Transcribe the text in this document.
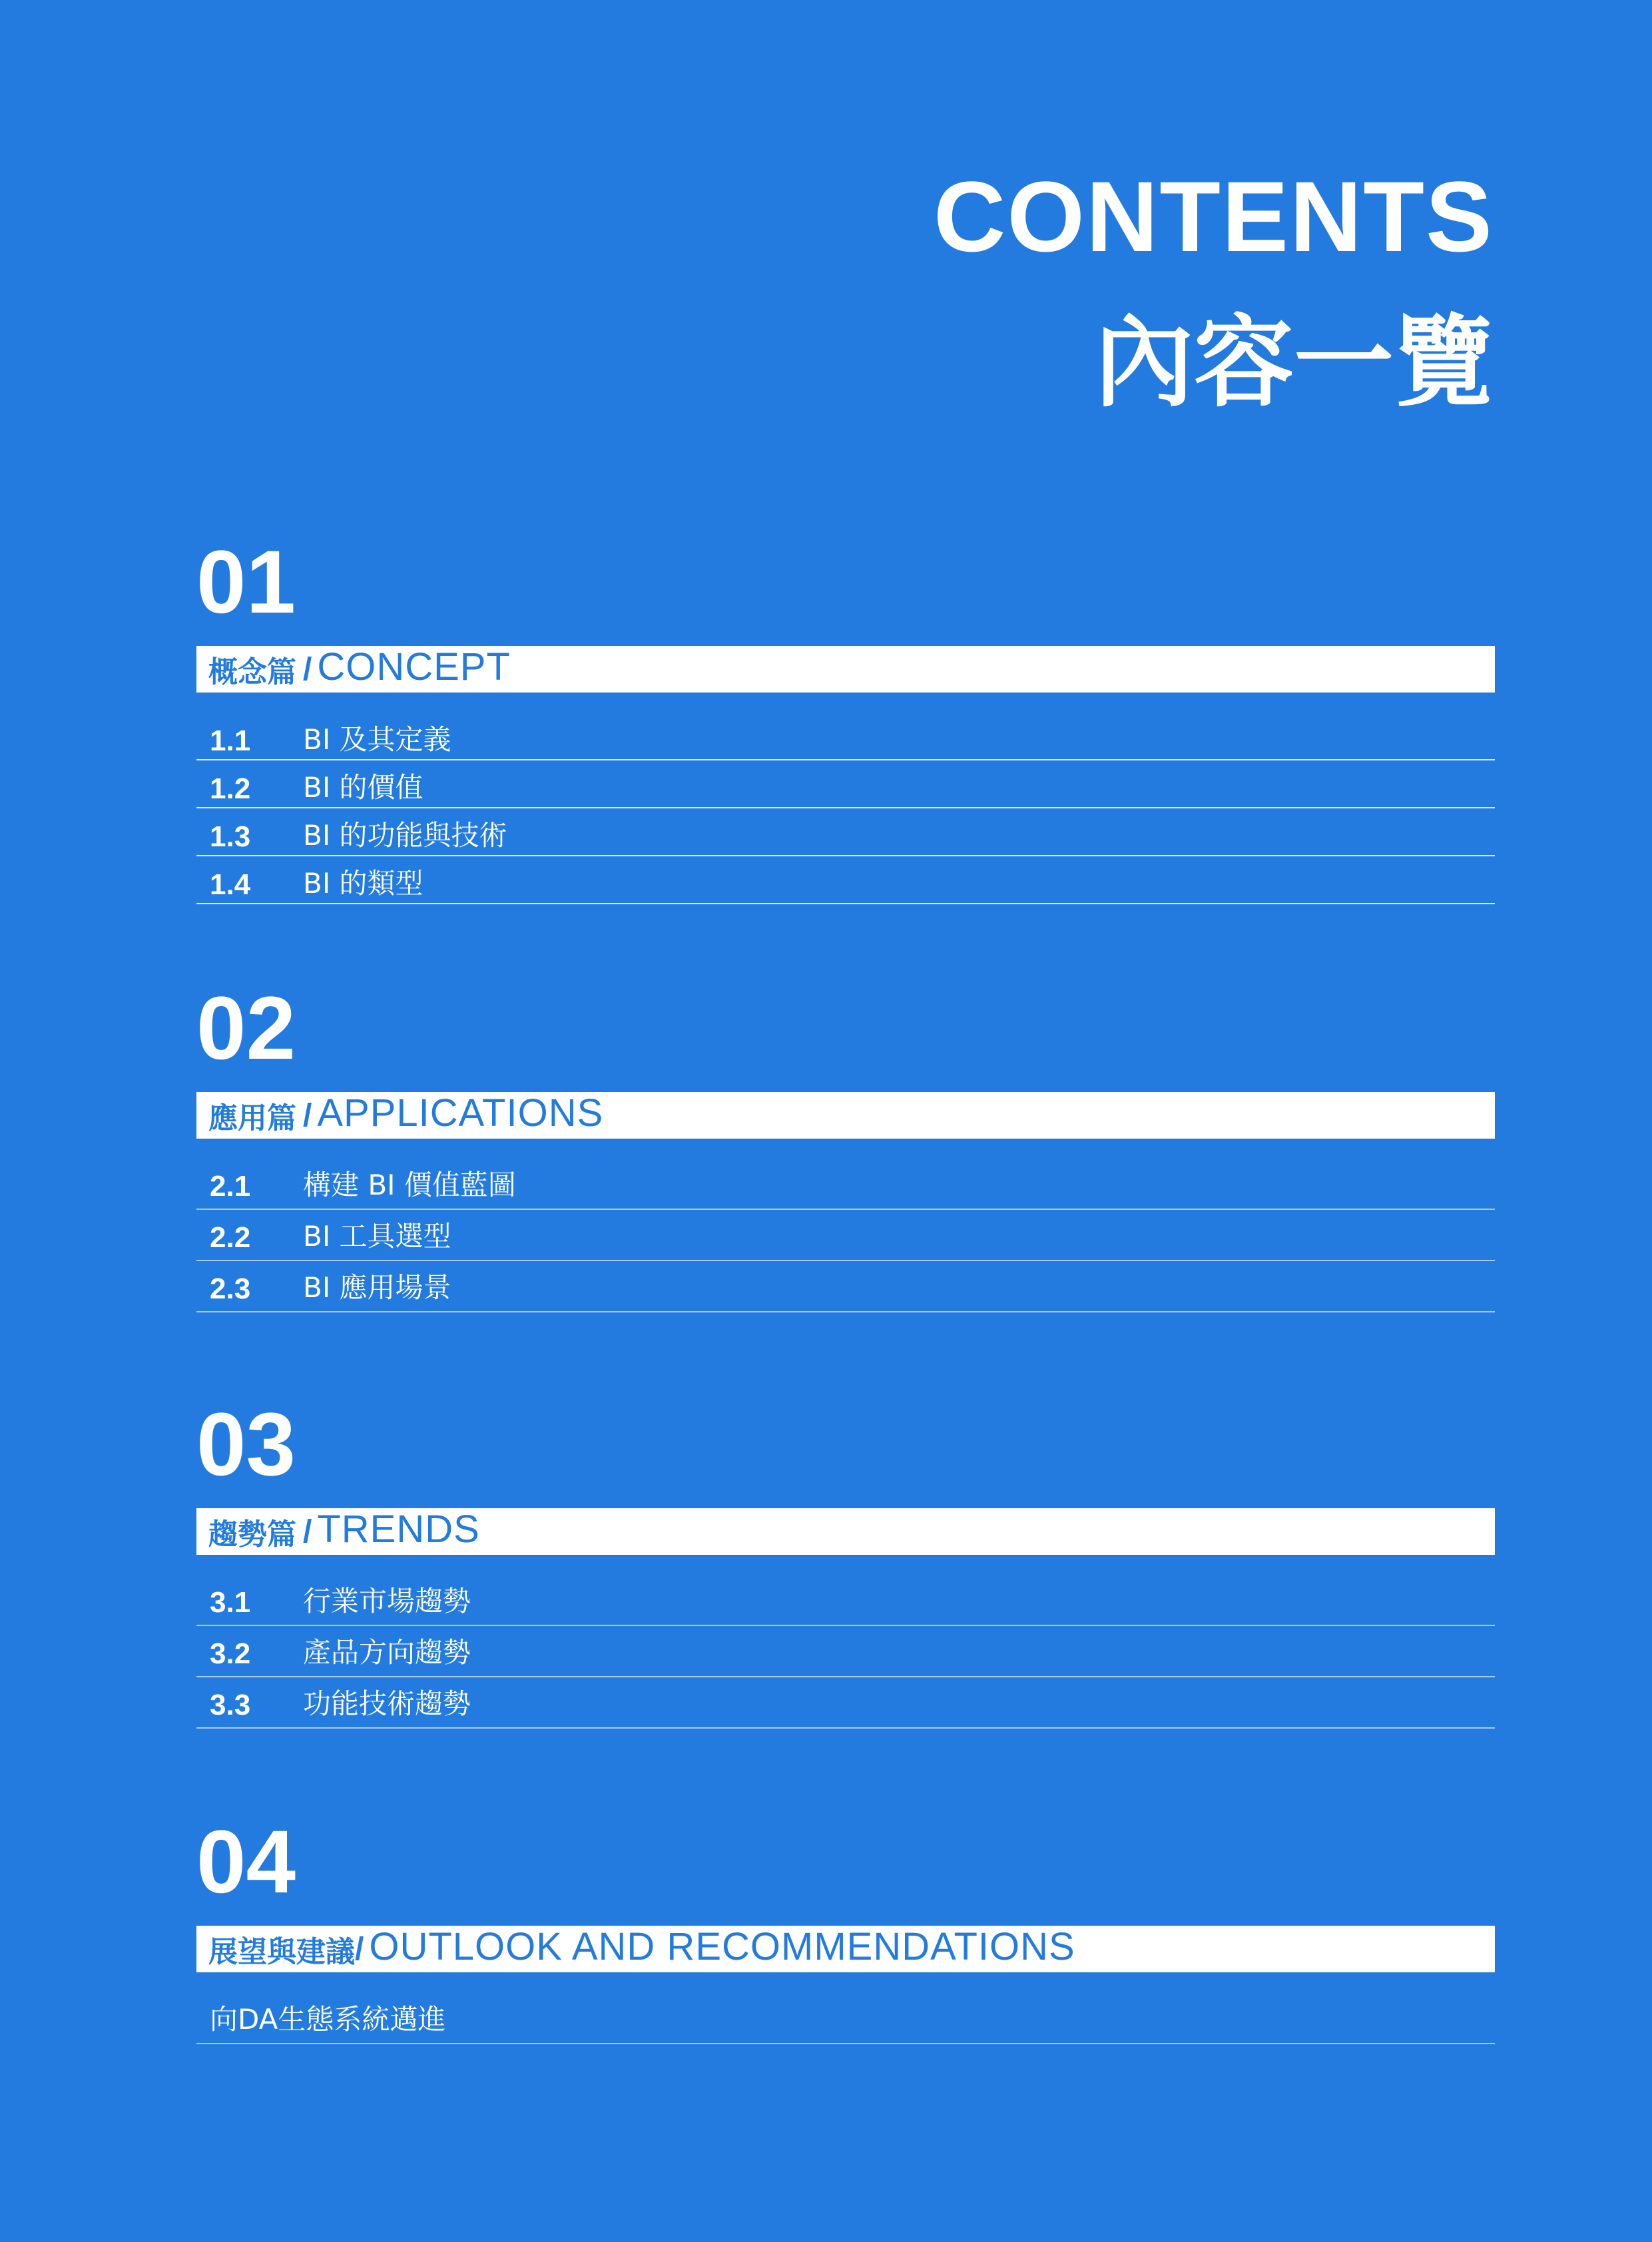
CONTENTS
內容一覽
01
概念篇 / CONCEPT
1.1	BI 及其定義
1.2	BI 的價值
1.3	BI 的功能與技術
1.4	BI 的類型
02
應用篇 / APPLICATIONS
2.1	構建 BI 價值藍圖
2.2	BI 工具選型
2.3	BI 應用場景
03
趨勢篇 / TRENDS
3.1	行業市場趨勢
3.2	產品方向趨勢
3.3	功能技術趨勢
04
展望與建議 / OUTLOOK AND RECOMMENDATIONS
向DA生態系統邁進
